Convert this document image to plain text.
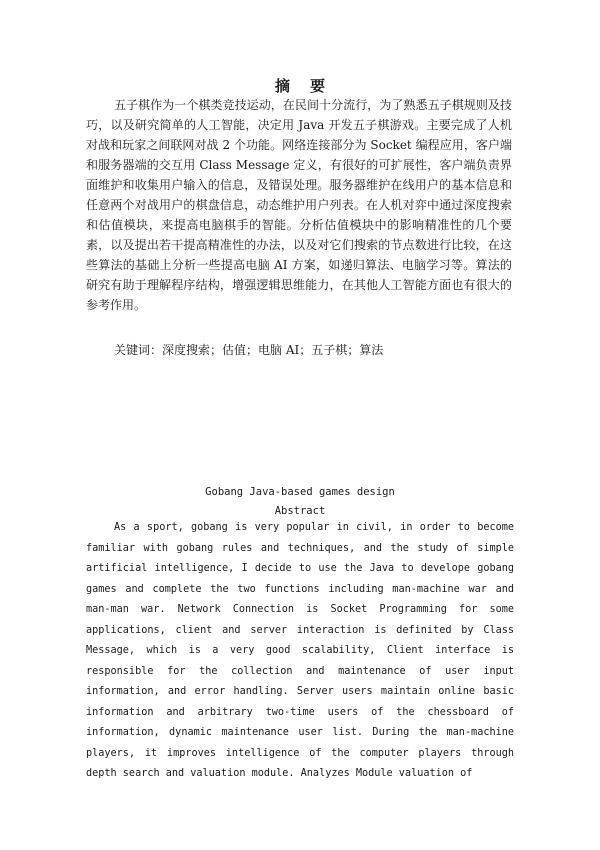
摘要

五子棋作为一个棋类竞技运动，在民间十分流行，为了熟悉五子棋规则及技巧，以及研究简单的人工智能，决定用 Java 开发五子棋游戏。主要完成了人机对战和玩家之间联网对战 2 个功能。网络连接部分为 Socket 编程应用，客户端和服务器端的交互用 Class Message 定义，有很好的可扩展性，客户端负责界面维护和收集用户输入的信息，及错误处理。服务器维护在线用户的基本信息和任意两个对战用户的棋盘信息，动态维护用户列表。在人机对弈中通过深度搜索和估值模块，来提高电脑棋手的智能。分析估值模块中的影响精准性的几个要素，以及提出若干提高精准性的办法，以及对它们搜索的节点数进行比较，在这些算法的基础上分析一些提高电脑 AI 方案，如递归算法、电脑学习等。算法的研究有助于理解程序结构，增强逻辑思维能力，在其他人工智能方面也有很大的参考作用。

关键词：深度搜索；估值；电脑 AI；五子棋；算法

Gobang Java-based games design
Abstract

As a sport, gobang is very popular in civil, in order to become familiar with gobang rules and techniques, and the study of simple artificial intelligence, I decide to use the Java to develope gobang games and complete the two functions including man-machine war and man-man war. Network Connection is Socket Programming for some applications, client and server interaction is definited by Class Message, which is a very good scalability, Client interface is responsible for the collection and maintenance of user input information, and error handling. Server users maintain online basic information and arbitrary two-time users of the chessboard of information, dynamic maintenance user list. During the man-machine players, it improves intelligence of the computer players through depth search and valuation module. Analyzes Module valuation of
